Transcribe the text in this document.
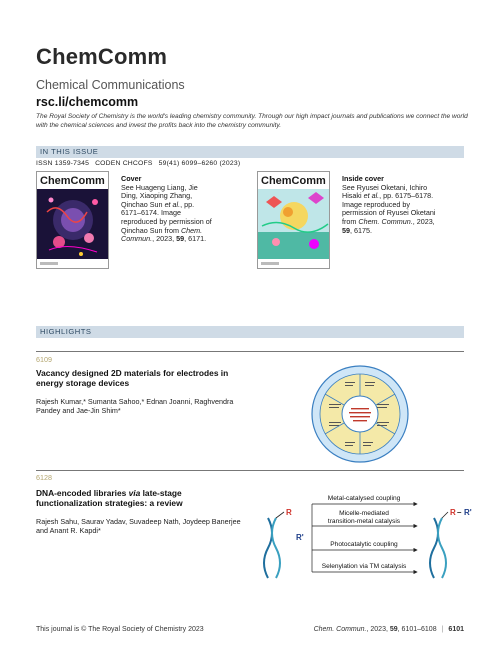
ChemComm
Chemical Communications
rsc.li/chemcomm
The Royal Society of Chemistry is the world's leading chemistry community. Through our high impact journals and publications we connect the world with the chemical sciences and invest the profits back into the chemistry community.
IN THIS ISSUE
ISSN 1359-7345 CODEN CHCOFS 59(41) 6099–6260 (2023)
ChemComm Cover
See Huageng Liang, Jie Ding, Xiaoping Zhang, Qinchao Sun et al., pp. 6171–6174. Image reproduced by permission of Qinchao Sun from Chem. Commun., 2023, 59, 6171.
ChemComm Inside cover
See Ryusei Oketani, Ichiro Hisaki et al., pp. 6175–6178. Image reproduced by permission of Ryusei Oketani from Chem. Commun., 2023, 59, 6175.
HIGHLIGHTS
6109
Vacancy designed 2D materials for electrodes in energy storage devices
Rajesh Kumar,* Sumanta Sahoo,* Ednan Joanni, Raghvendra Pandey and Jae-Jin Shim*
6128
DNA-encoded libraries via late-stage functionalization strategies: a review
Rajesh Sahu, Saurav Yadav, Suvadeep Nath, Joydeep Banerjee and Anant R. Kapdi*
R
R'
Metal-catalysed coupling
Micelle-mediated
transition-metal catalysis
Photocatalytic coupling
Selenylation via TM catalysis
R – R'
This journal is © The Royal Society of Chemistry 2023	Chem. Commun., 2023, 59, 6101–6108 | 6101
